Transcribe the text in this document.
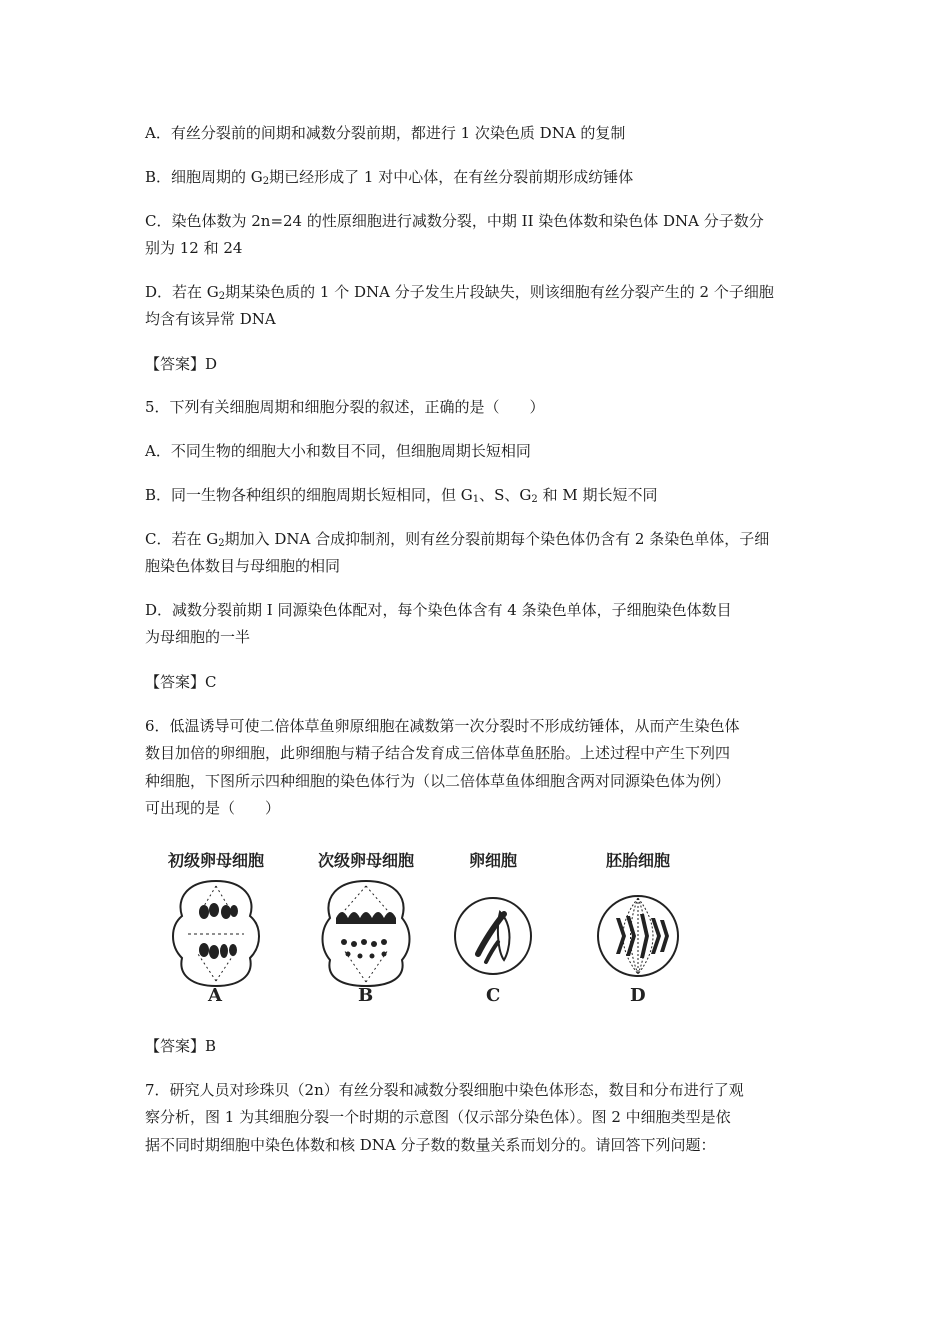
A．有丝分裂前的间期和减数分裂前期，都进行 1 次染色质 DNA 的复制
B．细胞周期的 $G_2$期已经形成了 1 对中心体，在有丝分裂前期形成纺锤体
C．染色体数为 2n=24 的性原细胞进行减数分裂，中期 II 染色体数和染色体 DNA 分子数分
别为 12 和 24
D．若在 $G_2$期某染色质的 1 个 DNA 分子发生片段缺失，则该细胞有丝分裂产生的 2 个子细胞
均含有该异常 DNA
【答案】D
5．下列有关细胞周期和细胞分裂的叙述，正确的是（　　）
A．不同生物的细胞大小和数目不同，但细胞周期长短相同
B．同一生物各种组织的细胞周期长短相同，但 $G_1$、S、$G_2$ 和 M 期长短不同
C．若在 $G_2$期加入 DNA 合成抑制剂，则有丝分裂前期每个染色体仍含有 2 条染色单体，子细
胞染色体数目与母细胞的相同
D．减数分裂前期 Ⅰ 同源染色体配对，每个染色体含有 4 条染色单体，子细胞染色体数目
为母细胞的一半
【答案】C
6．低温诱导可使二倍体草鱼卵原细胞在减数第一次分裂时不形成纺锤体，从而产生染色体
数目加倍的卵细胞，此卵细胞与精子结合发育成三倍体草鱼胚胎。上述过程中产生下列四
种细胞，下图所示四种细胞的染色体行为（以二倍体草鱼体细胞含两对同源染色体为例）
可出现的是（　　）
初级卵母细胞	次级卵母细胞	卵细胞	胚胎细胞
A	B	C	D
【答案】B
7．研究人员对珍珠贝（2n）有丝分裂和减数分裂细胞中染色体形态，数目和分布进行了观
察分析，图 1 为其细胞分裂一个时期的示意图（仅示部分染色体）。图 2 中细胞类型是依
据不同时期细胞中染色体数和核 DNA 分子数的数量关系而划分的。请回答下列问题：
